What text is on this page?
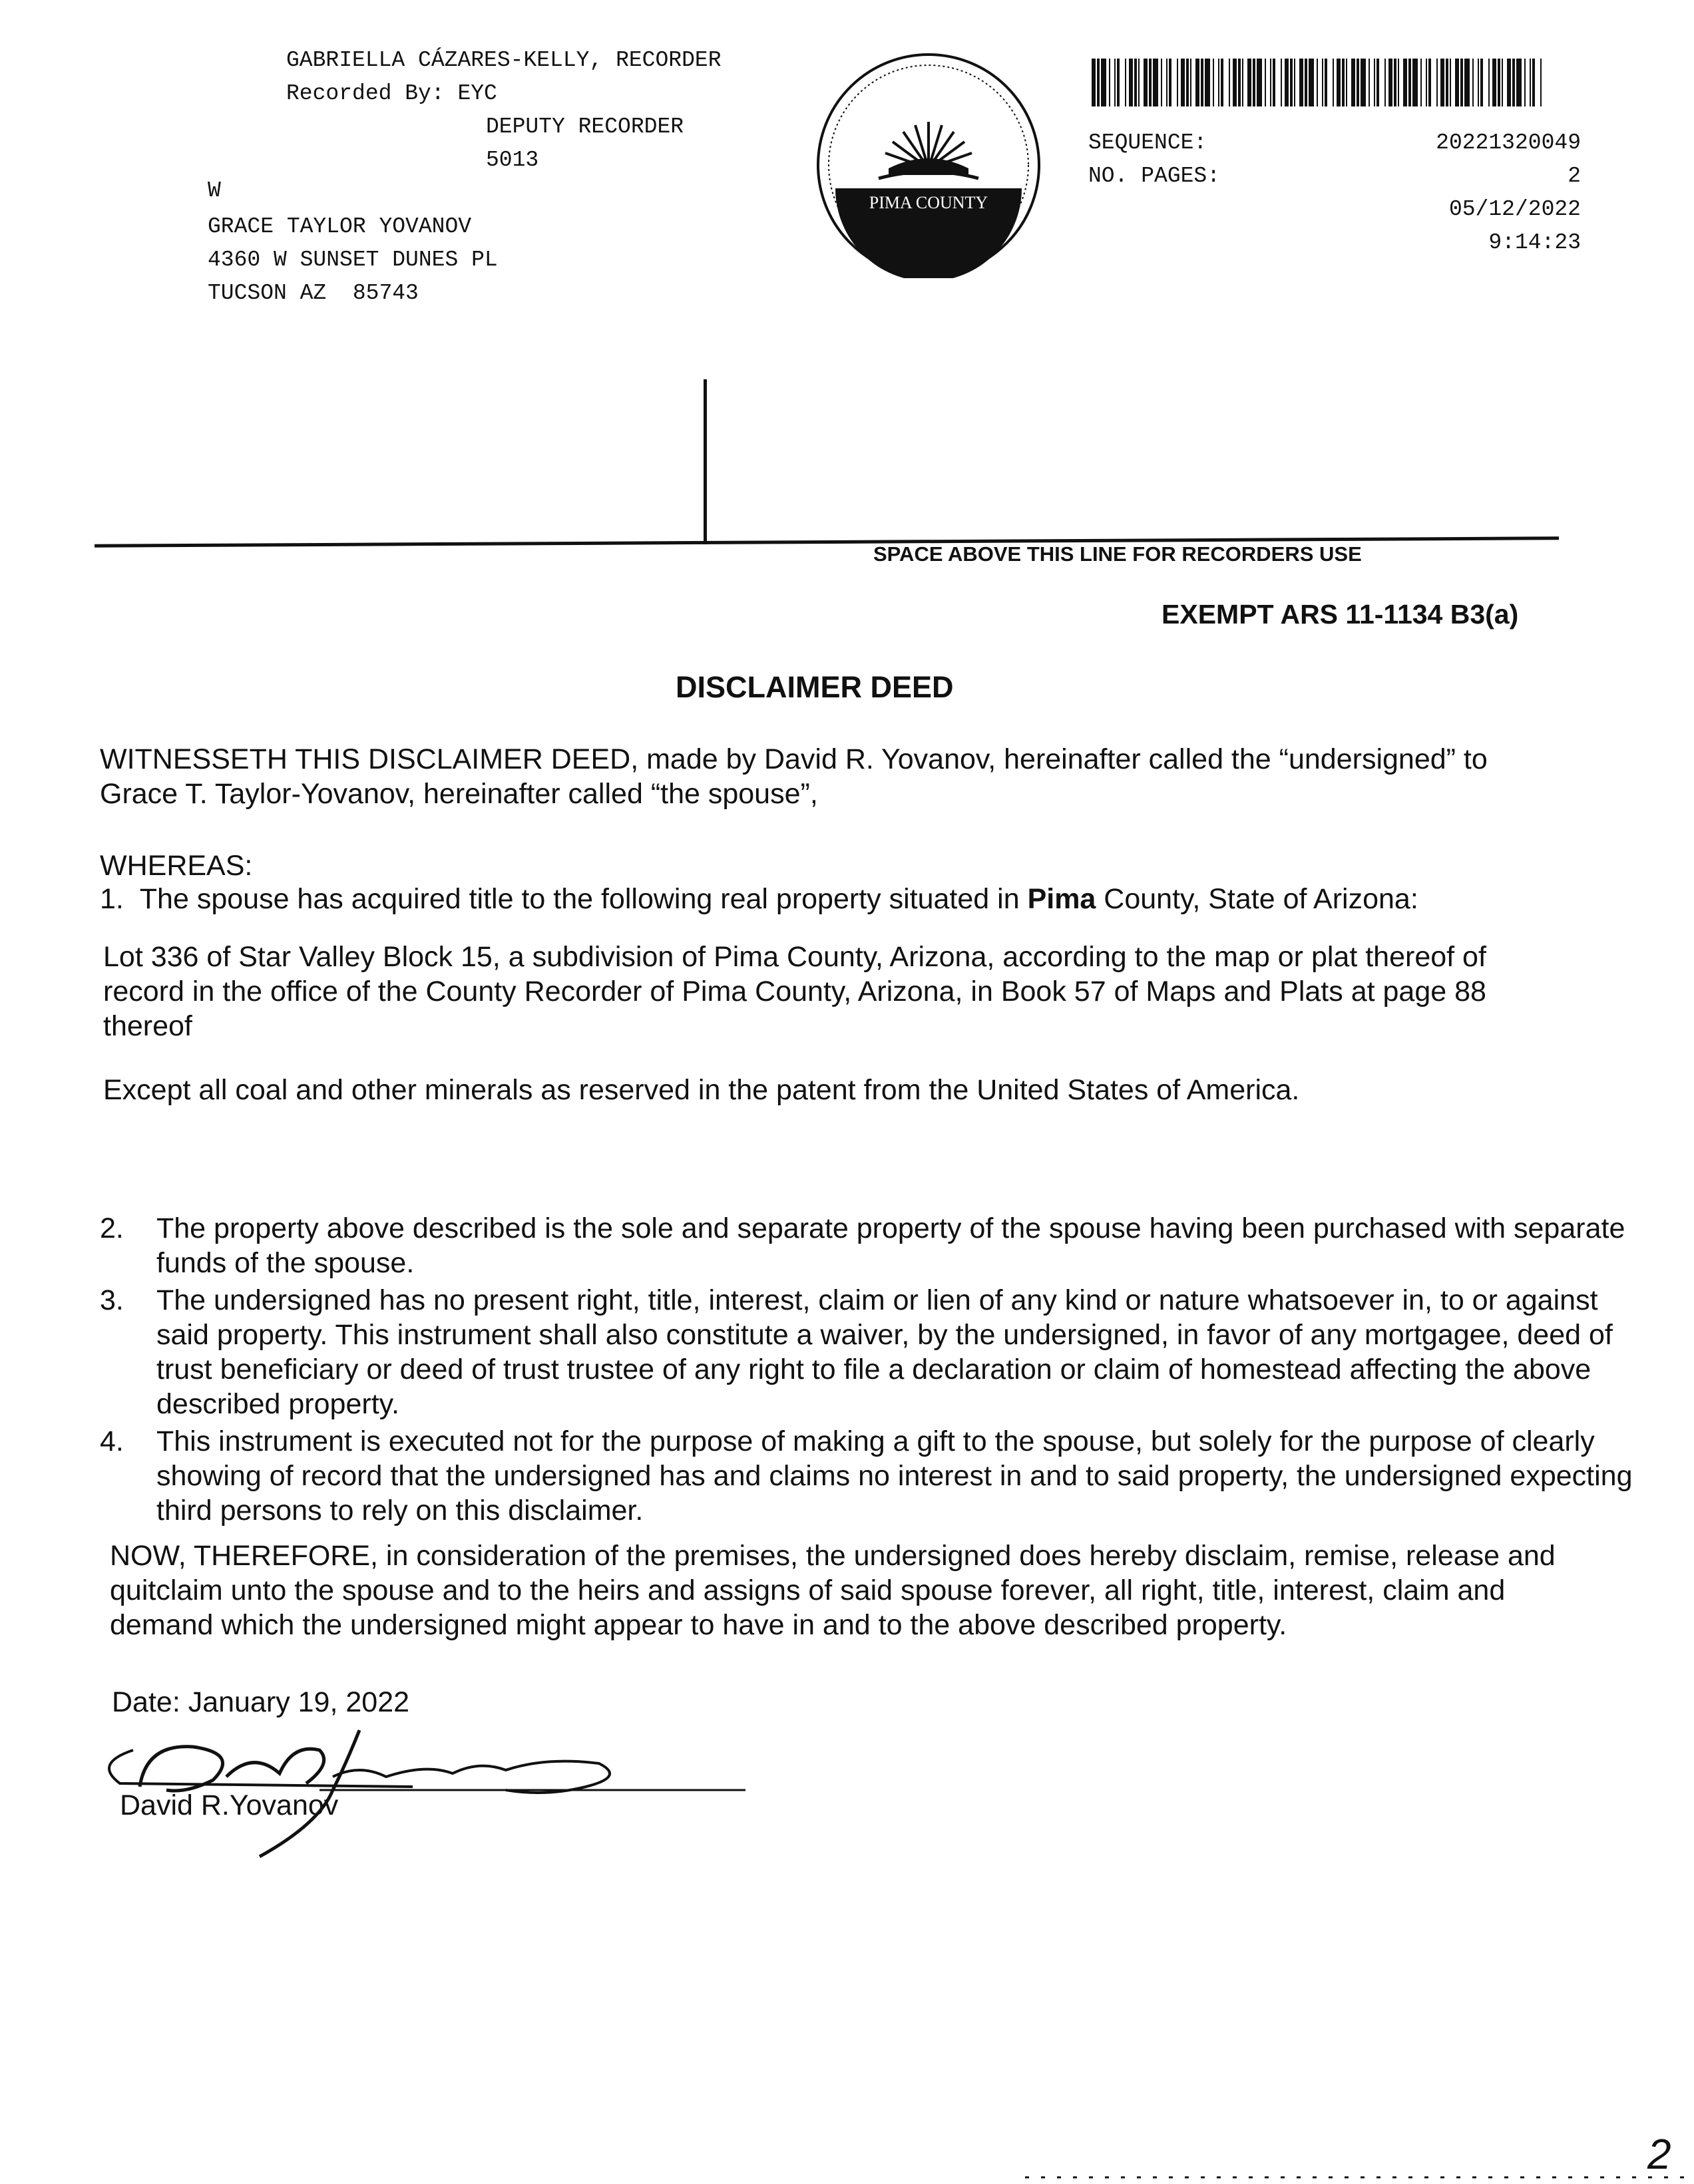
GABRIELLA CÁZARES-KELLY, RECORDER
Recorded By: EYC
DEPUTY RECORDER
5013
W
GRACE TAYLOR YOVANOV
4360 W SUNSET DUNES PL
TUCSON AZ  85743
PIMA COUNTY
SEQUENCE:	20221320049
NO. PAGES:	2
05/12/2022
9:14:23
SPACE ABOVE THIS LINE FOR RECORDERS USE
EXEMPT ARS 11-1134 B3(a)
DISCLAIMER DEED
WITNESSETH THIS DISCLAIMER DEED, made by David R. Yovanov, hereinafter called the “undersigned” to Grace T. Taylor-Yovanov, hereinafter called “the spouse”,
WHEREAS:
1. The spouse has acquired title to the following real property situated in Pima County, State of Arizona:
Lot 336 of Star Valley Block 15, a subdivision of Pima County, Arizona, according to the map or plat thereof of record in the office of the County Recorder of Pima County, Arizona, in Book 57 of Maps and Plats at page 88 thereof
Except all coal and other minerals as reserved in the patent from the United States of America.
2. The property above described is the sole and separate property of the spouse having been purchased with separate funds of the spouse.
3. The undersigned has no present right, title, interest, claim or lien of any kind or nature whatsoever in, to or against said property. This instrument shall also constitute a waiver, by the undersigned, in favor of any mortgagee, deed of trust beneficiary or deed of trust trustee of any right to file a declaration or claim of homestead affecting the above described property.
4. This instrument is executed not for the purpose of making a gift to the spouse, but solely for the purpose of clearly showing of record that the undersigned has and claims no interest in and to said property, the undersigned expecting third persons to rely on this disclaimer.
NOW, THEREFORE, in consideration of the premises, the undersigned does hereby disclaim, remise, release and quitclaim unto the spouse and to the heirs and assigns of said spouse forever, all right, title, interest, claim and demand which the undersigned might appear to have in and to the above described property.
Date: January 19, 2022
David R.Yovanov
2
